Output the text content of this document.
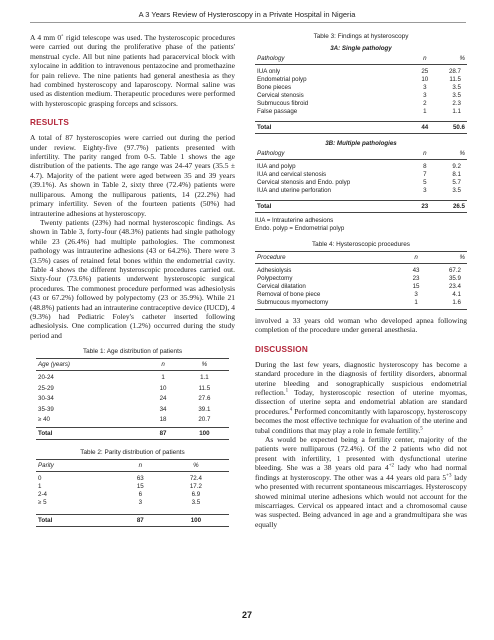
A 3 Years Review of Hysteroscopy in a Private Hospital in Nigeria

A 4 mm 0˚ rigid telescope was used. The hysteroscopic procedures were carried out during the proliferative phase of the patients' menstrual cycle. All but nine patients had paracervical block with xylocaine in addition to intravenous pentazocine and promethazine for pain relieve. The nine patients had general anesthesia as they had combined hysteroscopy and laparoscopy. Normal saline was used as distention medium. Therapeutic procedures were performed with hysteroscopic grasping forceps and scissors.

RESULTS

A total of 87 hysteroscopies were carried out during the period under review. Eighty-five (97.7%) patients presented with infertility. The parity ranged from 0-5. Table 1 shows the age distribution of the patients. The age range was 24-47 years (35.5 ± 4.7). Majority of the patient were aged between 35 and 39 years (39.1%). As shown in Table 2, sixty three (72.4%) patients were nulliparous. Among the nulliparous patients, 14 (22.2%) had primary infertility. Seven of the fourteen patients (50%) had intrauterine adhesions at hysteroscopy.

Twenty patients (23%) had normal hysteroscopic findings. As shown in Table 3, forty-four (48.3%) patients had single pathology while 23 (26.4%) had multiple pathologies. The commonest pathology was intrauterine adhesions (43 or 64.2%). There were 3 (3.5%) cases of retained fetal bones within the endometrial cavity. Table 4 shows the different hysteroscopic procedures carried out. Sixty-four (73.6%) patients underwent hysteroscopic surgical procedures. The commonest procedure performed was adhesiolysis (43 or 67.2%) followed by polypectomy (23 or 35.9%). While 21 (48.8%) patients had an intrauterine contraceptive device (IUCD), 4 (9.3%) had Pediatric Foley's catheter inserted following adhesiolysis. One complication (1.2%) occurred during the study period and

Table 1: Age distribution of patients
Age (years)	n	%
20-24	1	1.1
25-29	10	11.5
30-34	24	27.6
35-39	34	39.1
≥ 40	18	20.7
Total	87	100
Table 2: Parity distribution of patients
Parity	n	%
0	63	72.4
1	15	17.2
2-4	6	6.9
≥ 5	3	3.5
Total	87	100
Table 3: Findings at hysteroscopy
3A: Single pathology		
Pathology	n	%
IUA only	25	28.7
Endometrial polyp	10	11.5
Bone pieces	3	3.5
Cervical stenosis	3	3.5
Submucous fibroid	2	2.3
False passage	1	1.1
Total	44	50.6
3B: Multiple pathologies		
Pathology	n	%
IUA and polyp	8	9.2
IUA and cervical stenosis	7	8.1
Cervical stenosis and Endo. polyp	5	5.7
IUA and uterine perforation	3	3.5
Total	23	26.5
IUA = Intrauterine adhesions
Endo. polyp = Endometrial polyp
Table 4: Hysteroscopic procedures
Procedure	n	%
Adhesiolysis	43	67.2
Polypectomy	23	35.9
Cervical dilatation	15	23.4
Removal of bone piece	3	4.1
Submucous myomectomy	1	1.6

involved a 33 years old woman who developed apnea following completion of the procedure under general anesthesia.

DISCUSSION

During the last few years, diagnostic hysteroscopy has become a standard procedure in the diagnosis of fertility disorders, abnormal uterine bleeding and sonographically suspicious endometrial reflection.$^1$ Today, hysteroscopic resection of uterine myomas, dissection of uterine septa and endometrial ablation are standard procedures.$^4$ Performed concomitantly with laparoscopy, hysteroscopy becomes the most effective technique for evaluation of the uterine and tubal conditions that may play a role in female fertility.$^5$

As would be expected being a fertility center, majority of the patients were nulliparous (72.4%). Of the 2 patients who did not present with infertility, 1 presented with dysfunctional uterine bleeding. She was a 38 years old para $4^{+2}$ lady who had normal findings at hysteroscopy. The other was a 44 years old para $5^{+3}$ lady who presented with recurrent spontaneous miscarriages. Hysteroscopy showed minimal uterine adhesions which would not account for the miscarriages. Cervical os appeared intact and a chromosomal cause was suspected. Being advanced in age and a grandmultipara she was equally

27
